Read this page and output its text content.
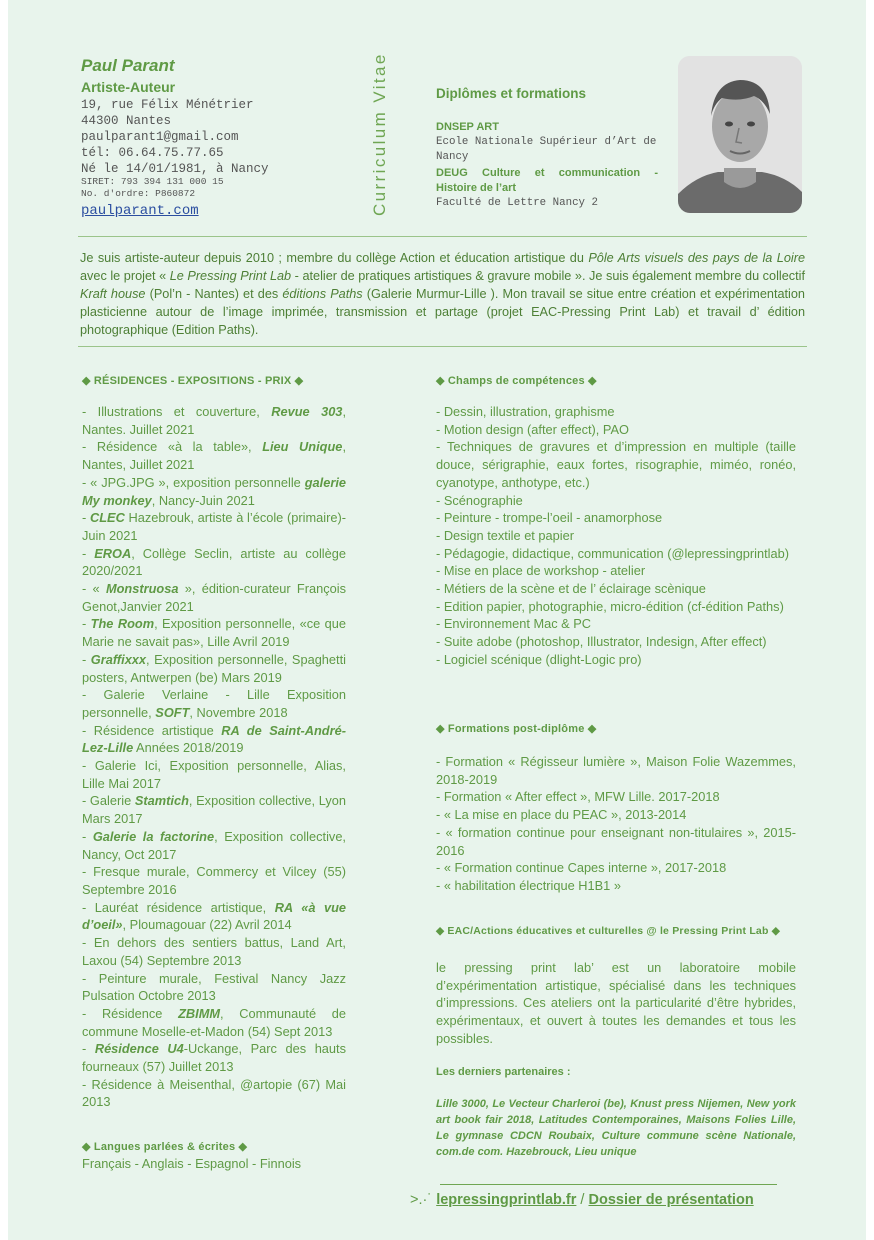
Paul Parant
Artiste-Auteur
19, rue Félix Ménétrier
44300 Nantes
paulparant1@gmail.com
tél: 06.64.75.77.65
Né le 14/01/1981, à Nancy
SIRET: 793 394 131 000 15
No. d'ordre: P860872
paulparant.com	Curriculum Vitae	Diplômes et formations
DNSEP ART
Ecole Nationale Supérieur d’Art de Nancy
DEUG Culture et communication -
Histoire de l’art
Faculté de Lettre Nancy 2
Je suis artiste-auteur depuis 2010 ; membre du collège Action et éducation artistique du Pôle Arts visuels des pays de la Loire avec le projet « Le Pressing Print Lab - atelier de pratiques artistiques & gravure mobile ». Je suis également membre du collectif Kraft house (Pol’n - Nantes) et des éditions Paths (Galerie Murmur-Lille ). Mon travail se situe entre création et expérimentation plasticienne autour de l’image imprimée, transmission et partage (projet EAC-Pressing Print Lab) et travail d’ édition photographique (Edition Paths).
◆ RÉSIDENCES - EXPOSITIONS - PRIX ◆

- Illustrations et couverture, Revue 303, Nantes. Juillet 2021

- Résidence «à la table», Lieu Unique, Nantes, Juillet 2021

- « JPG.JPG », exposition personnelle galerie My monkey, Nancy-Juin 2021

- CLEC Hazebrouk, artiste à l’école (primaire)-Juin 2021

- EROA, Collège Seclin, artiste au collège 2020/2021

- « Monstruosa », édition-curateur François Genot,Janvier 2021

- The Room, Exposition personnelle, «ce que Marie ne savait pas», Lille Avril 2019

- Graffixxx, Exposition personnelle, Spaghetti posters, Antwerpen (be) Mars 2019

- Galerie Verlaine - Lille Exposition personnelle, SOFT, Novembre 2018

- Résidence artistique RA de Saint-André-Lez-Lille Années 2018/2019

- Galerie Ici, Exposition personnelle, Alias, Lille Mai 2017

- Galerie Stamtich, Exposition collective, Lyon Mars 2017

- Galerie la factorine, Exposition collective, Nancy, Oct 2017

- Fresque murale, Commercy et Vilcey (55) Septembre 2016

- Lauréat résidence artistique, RA «à vue d’oeil», Ploumagouar (22) Avril 2014

- En dehors des sentiers battus, Land Art, Laxou (54) Septembre 2013

- Peinture murale, Festival Nancy Jazz Pulsation Octobre 2013

- Résidence ZBIMM, Communauté de commune Moselle-et-Madon (54) Sept 2013

- Résidence U4-Uckange, Parc des hauts fourneaux (57) Juillet 2013

- Résidence à Meisenthal, @artopie (67) Mai 2013

◆ Langues parlées & écrites ◆
Français - Anglais - Espagnol - Finnois
◆ Champs de compétences ◆

- Dessin, illustration, graphisme

- Motion design (after effect), PAO

- Techniques de gravures et d’impression en multiple (taille douce, sérigraphie, eaux fortes, risographie, miméo, ronéo, cyanotype, anthotype, etc.)

- Scénographie

- Peinture - trompe-l’oeil - anamorphose

- Design textile et papier

- Pédagogie, didactique, communication (@lepressingprintlab)

- Mise en place de workshop - atelier

- Métiers de la scène et de l’ éclairage scènique

- Edition papier, photographie, micro-édition (cf-édition Paths)

- Environnement Mac & PC

- Suite adobe (photoshop, Illustrator, Indesign, After effect)

- Logiciel scénique (dlight-Logic pro)

◆ Formations post-diplôme ◆

- Formation « Régisseur lumière », Maison Folie Wazemmes, 2018-2019

- Formation « After effect », MFW Lille. 2017-2018

- « La mise en place du PEAC », 2013-2014

- « formation continue pour enseignant non-titulaires », 2015-2016

- « Formation continue Capes interne », 2017-2018

- « habilitation électrique H1B1 »

◆ EAC/Actions éducatives et culturelles @ le Pressing Print Lab ◆
le pressing print lab’ est un laboratoire mobile d’expérimentation artistique, spécialisé dans les techniques d’impressions. Ces ateliers ont la particularité d’être hybrides, expérimentaux, et ouvert à toutes les demandes et tous les possibles.
Les derniers partenaires :
Lille 3000, Le Vecteur Charleroi (be), Knust press Nijemen, New york art book fair 2018, Latitudes Contemporaines, Maisons Folies Lille, Le gymnase CDCN Roubaix, Culture commune scène Nationale, com.de com. Hazebrouck, Lieu unique
>.·˙ lepressingprintlab.fr / Dossier de présentation
